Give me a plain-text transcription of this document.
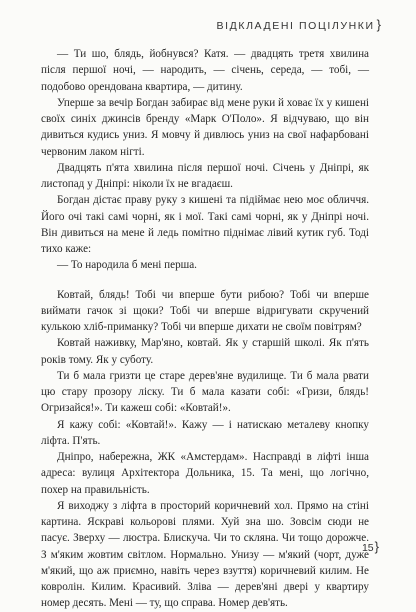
ВІДКЛАДЕНІ ПОЦІЛУНКИ }

— Ти шо, блядь, йобнувся? Катя. — двадцять третя хвилина після першої ночі, — народить, — січень, середа, — тобі, — подобово орендована квартира, — дитину.

Уперше за вечір Богдан забирає від мене руки й ховає їх у кишені своїх синіх джинсів бренду «Марк О'Поло». Я відчуваю, що він дивиться кудись униз. Я мовчу й дивлюсь униз на свої нафарбовані червоним лаком нігті.

Двадцять п'ята хвилина після першої ночі. Січень у Дніпрі, як листопад у Дніпрі: ніколи їх не вгадаєш.

Богдан дістає праву руку з кишені та підіймає нею моє обличчя. Його очі такі самі чорні, як і мої. Такі самі чорні, як у Дніпрі ночі. Він дивиться на мене й ледь помітно піднімає лівий кутик губ. Тоді тихо каже:

— То народила б мені перша.

Ковтай, блядь! Тобі чи вперше бути рибою? Тобі чи вперше виймати гачок зі щоки? Тобі чи вперше відригувати скручений кулькою хліб-приманку? Тобі чи вперше дихати не своїм повітрям?

Ковтай наживку, Мар'яно, ковтай. Як у старшій школі. Як п'ять років тому. Як у суботу.

Ти б мала гризти це старе дерев'яне вудилище. Ти б мала рвати цю стару прозору ліску. Ти б мала казати собі: «Гризи, блядь! Огризайся!». Ти кажеш собі: «Ковтай!».

Я кажу собі: «Ковтай!». Кажу — і натискаю металеву кнопку ліфта. П'ять.

Дніпро, набережна, ЖК «Амстердам». Насправді в ліфті інша адреса: вулиця Архітектора Дольника, 15. Та мені, що логічно, похер на правильність.

Я виходжу з ліфта в просторий коричневий хол. Прямо на стіні картина. Яскраві кольорові плями. Хуй зна шо. Зовсім сюди не пасує. Зверху — люстра. Блискуча. Чи то скляна. Чи тощо дорожче. З м'яким жовтим світлом. Нормально. Унизу — м'який (чорт, дуже м'який, що аж приємно, навіть через взуття) коричневий килим. Не ковролін. Килим. Красивий. Зліва — дерев'яні двері у квартиру номер десять. Мені — ту, що справа. Номер дев'ять.

15}
